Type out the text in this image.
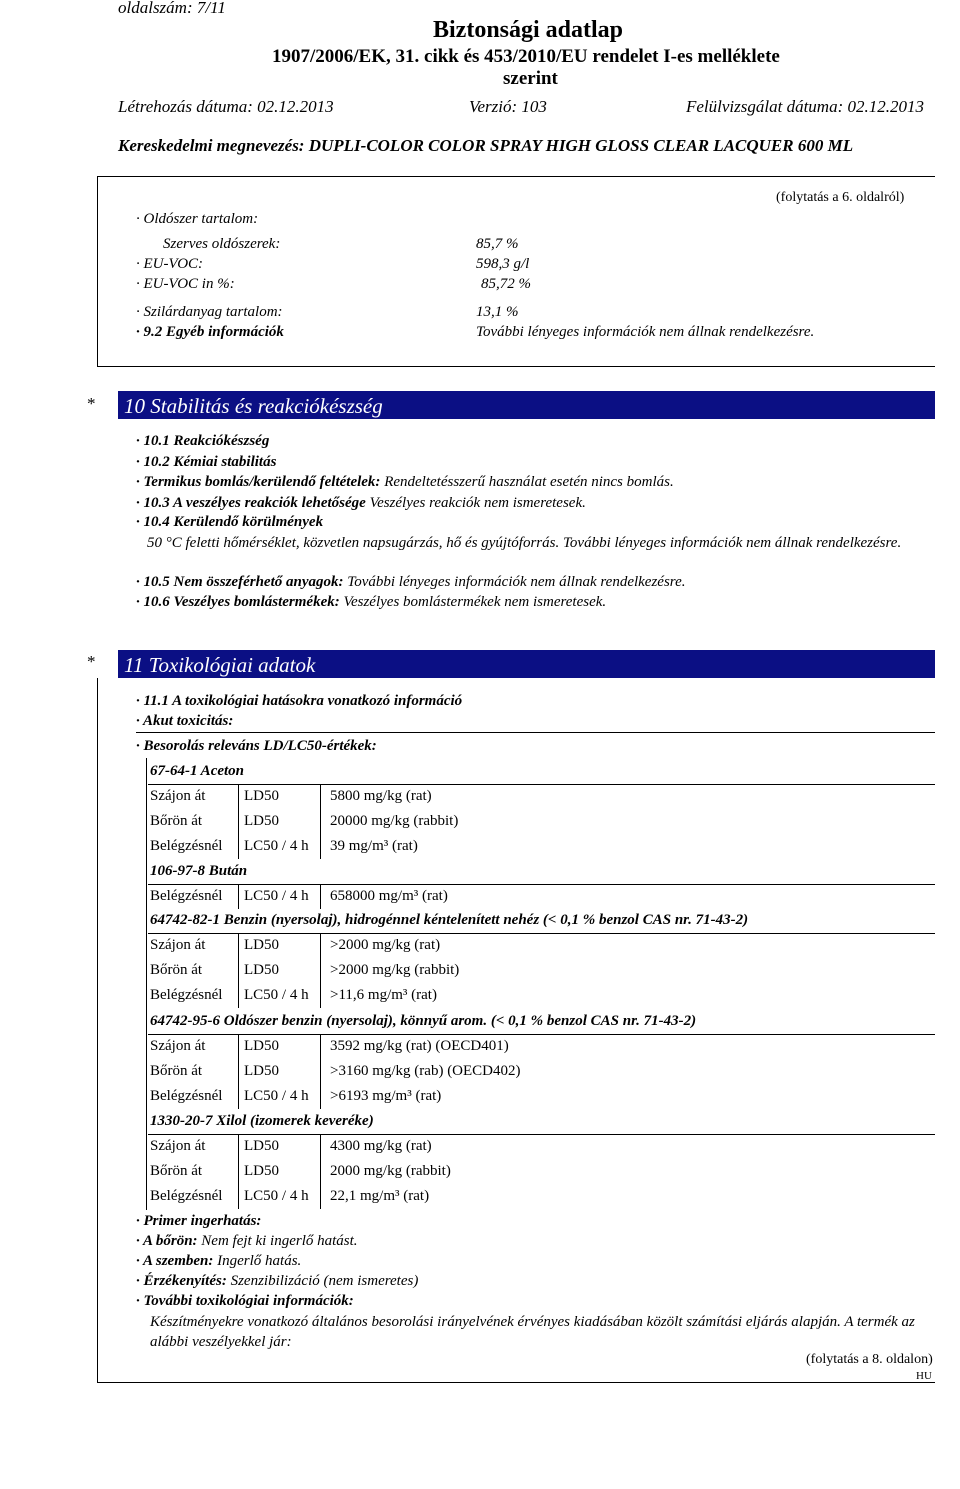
oldalszám: 7/11
Biztonsági adatlap
1907/2006/EK, 31. cikk és 453/2010/EU rendelet I-es melléklete
szerint
Létrehozás dátuma: 02.12.2013	Verzió: 103	Felülvizsgálat dátuma: 02.12.2013
Kereskedelmi megnevezés: DUPLI-COLOR COLOR SPRAY HIGH GLOSS CLEAR LACQUER 600 ML
(folytatás a 6. oldalról)
· Oldószer tartalom:
Szerves oldószerek:	85,7 %
· EU-VOC:	598,3 g/l
· EU-VOC in %:	85,72 %
· Szilárdanyag tartalom:	13,1 %
· 9.2 Egyéb információk	További lényeges információk nem állnak rendelkezésre.
* 10 Stabilitás és reakciókészség
· 10.1 Reakciókészség
· 10.2 Kémiai stabilitás
· Termikus bomlás/kerülendő feltételek: Rendeltetésszerű használat esetén nincs bomlás.
· 10.3 A veszélyes reakciók lehetősége Veszélyes reakciók nem ismeretesek.
· 10.4 Kerülendő körülmények
50 °C feletti hőmérséklet, közvetlen napsugárzás, hő és gyújtóforrás. További lényeges információk nem állnak rendelkezésre.
· 10.5 Nem összeférhető anyagok: További lényeges információk nem állnak rendelkezésre.
· 10.6 Veszélyes bomlástermékek: Veszélyes bomlástermékek nem ismeretesek.
* 11 Toxikológiai adatok
· 11.1 A toxikológiai hatásokra vonatkozó információ
· Akut toxicitás:
· Besorolás releváns LD/LC50-értékek:
67-64-1 Aceton
Szájon át	LD50	5800 mg/kg (rat)
Bőrön át	LD50	20000 mg/kg (rabbit)
Belégzésnél LC50 / 4 h 39 mg/m³ (rat)
106-97-8 Bután
Belégzésnél LC50 / 4 h 658000 mg/m³ (rat)
64742-82-1 Benzin (nyersolaj), hidrogénnel kéntelenített nehéz (< 0,1 % benzol CAS nr. 71-43-2)
Szájon át	LD50	>2000 mg/kg (rat)
Bőrön át	LD50	>2000 mg/kg (rabbit)
Belégzésnél LC50 / 4 h >11,6 mg/m³ (rat)
64742-95-6 Oldószer benzin (nyersolaj), könnyű arom. (< 0,1 % benzol CAS nr. 71-43-2)
Szájon át	LD50	3592 mg/kg (rat) (OECD401)
Bőrön át	LD50	>3160 mg/kg (rab) (OECD402)
Belégzésnél LC50 / 4 h >6193 mg/m³ (rat)
1330-20-7 Xilol (izomerek keveréke)
Szájon át	LD50	4300 mg/kg (rat)
Bőrön át	LD50	2000 mg/kg (rabbit)
Belégzésnél LC50 / 4 h 22,1 mg/m³ (rat)
· Primer ingerhatás:
· A bőrön: Nem fejt ki ingerlő hatást.
· A szemben: Ingerlő hatás.
· Érzékenyítés: Szenzibilizáció (nem ismeretes)
· További toxikológiai információk:
Készítményekre vonatkozó általános besorolási irányelvének érvényes kiadásában közölt számítási eljárás alapján. A termék az alábbi veszélyekkel jár:
(folytatás a 8. oldalon)
HU
